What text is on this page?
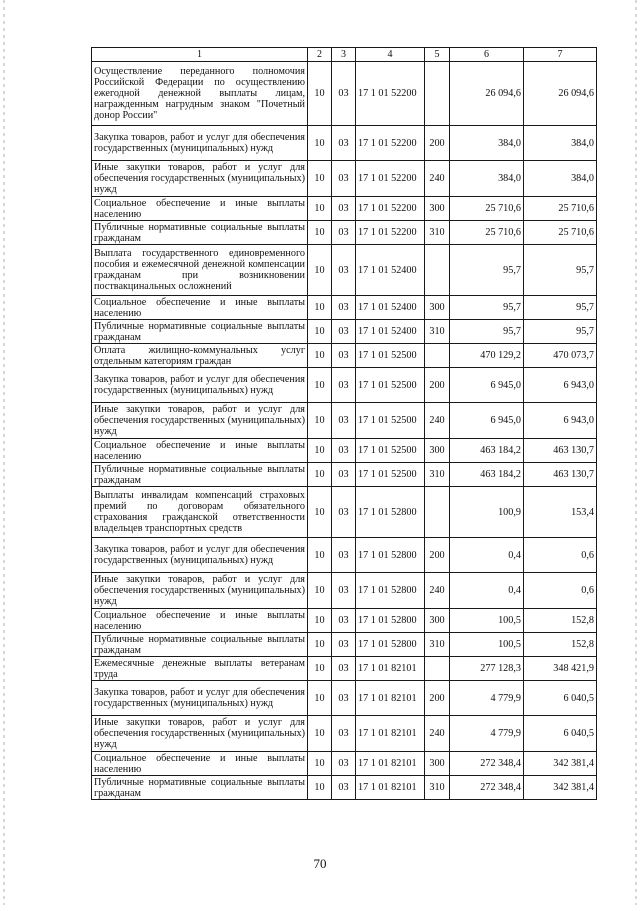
1	2	3	4	5	6	7
Осуществление переданного полномочия Российской Федерации по осуществлению ежегодной денежной выплаты лицам, награжденным нагрудным знаком "Почетный донор России"	10	03	17 1 01 52200		26 094,6	26 094,6
Закупка товаров, работ и услуг для обеспечения государственных (муниципальных) нужд	10	03	17 1 01 52200	200	384,0	384,0
Иные закупки товаров, работ и услуг для обеспечения государственных (муниципальных) нужд	10	03	17 1 01 52200	240	384,0	384,0
Социальное обеспечение и иные выплаты населению	10	03	17 1 01 52200	300	25 710,6	25 710,6
Публичные нормативные социальные выплаты гражданам	10	03	17 1 01 52200	310	25 710,6	25 710,6
Выплата государственного единовременного пособия и ежемесячной денежной компенсации гражданам при возникновении поствакцинальных осложнений	10	03	17 1 01 52400		95,7	95,7
Социальное обеспечение и иные выплаты населению	10	03	17 1 01 52400	300	95,7	95,7
Публичные нормативные социальные выплаты гражданам	10	03	17 1 01 52400	310	95,7	95,7
Оплата жилищно-коммунальных услуг отдельным категориям граждан	10	03	17 1 01 52500		470 129,2	470 073,7
Закупка товаров, работ и услуг для обеспечения государственных (муниципальных) нужд	10	03	17 1 01 52500	200	6 945,0	6 943,0
Иные закупки товаров, работ и услуг для обеспечения государственных (муниципальных) нужд	10	03	17 1 01 52500	240	6 945,0	6 943,0
Социальное обеспечение и иные выплаты населению	10	03	17 1 01 52500	300	463 184,2	463 130,7
Публичные нормативные социальные выплаты гражданам	10	03	17 1 01 52500	310	463 184,2	463 130,7
Выплаты инвалидам компенсаций страховых премий по договорам обязательного страхования гражданской ответственности владельцев транспортных средств	10	03	17 1 01 52800		100,9	153,4
Закупка товаров, работ и услуг для обеспечения государственных (муниципальных) нужд	10	03	17 1 01 52800	200	0,4	0,6
Иные закупки товаров, работ и услуг для обеспечения государственных (муниципальных) нужд	10	03	17 1 01 52800	240	0,4	0,6
Социальное обеспечение и иные выплаты населению	10	03	17 1 01 52800	300	100,5	152,8
Публичные нормативные социальные выплаты гражданам	10	03	17 1 01 52800	310	100,5	152,8
Ежемесячные денежные выплаты ветеранам труда	10	03	17 1 01 82101		277 128,3	348 421,9
Закупка товаров, работ и услуг для обеспечения государственных (муниципальных) нужд	10	03	17 1 01 82101	200	4 779,9	6 040,5
Иные закупки товаров, работ и услуг для обеспечения государственных (муниципальных) нужд	10	03	17 1 01 82101	240	4 779,9	6 040,5
Социальное обеспечение и иные выплаты населению	10	03	17 1 01 82101	300	272 348,4	342 381,4
Публичные нормативные социальные выплаты гражданам	10	03	17 1 01 82101	310	272 348,4	342 381,4
70
